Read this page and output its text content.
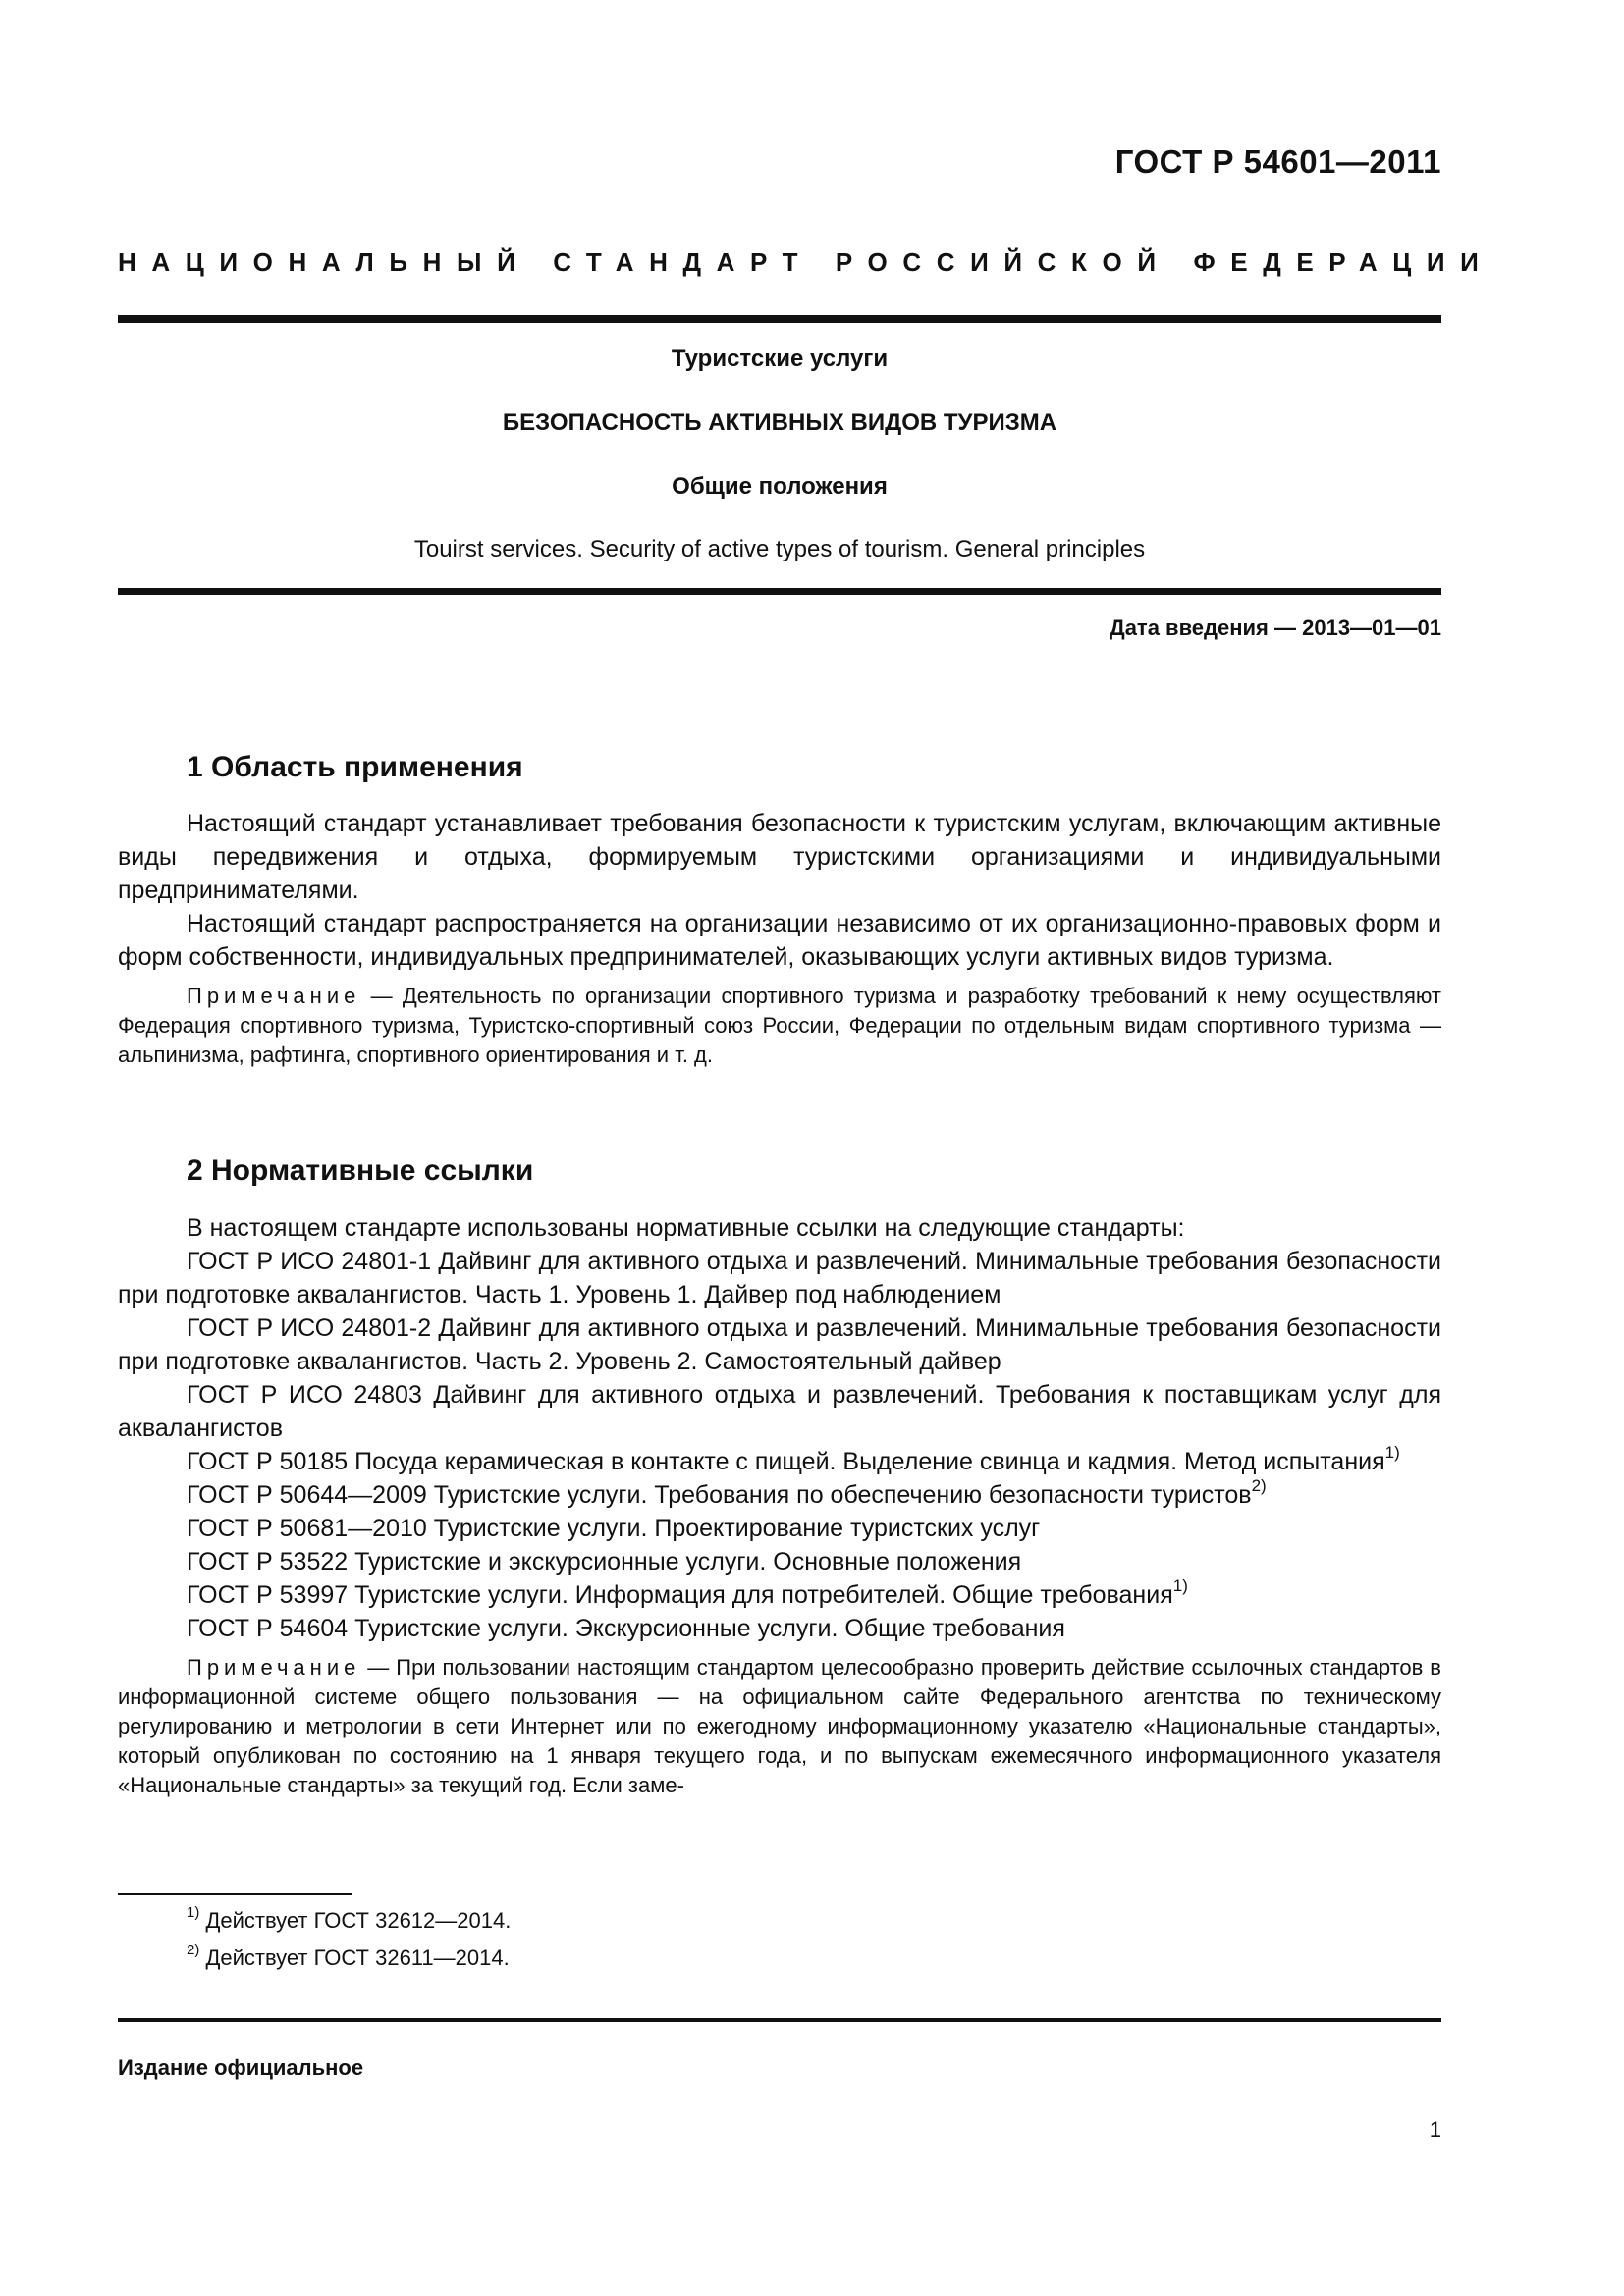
ГОСТ Р 54601—2011
НАЦИОНАЛЬНЫЙ СТАНДАРТ РОССИЙСКОЙ ФЕДЕРАЦИИ
Туристские услуги
БЕЗОПАСНОСТЬ АКТИВНЫХ ВИДОВ ТУРИЗМА
Общие положения
Touirst services. Security of active types of tourism. General principles
Дата введения — 2013—01—01
1 Область применения

Настоящий стандарт устанавливает требования безопасности к туристским услугам, включающим активные виды передвижения и отдыха, формируемым туристскими организациями и индивидуальными предпринимателями.

Настоящий стандарт распространяется на организации независимо от их организационно-правовых форм и форм собственности, индивидуальных предпринимателей, оказывающих услуги активных видов туризма.

Примечание — Деятельность по организации спортивного туризма и разработку требований к нему осуществляют Федерация спортивного туризма, Туристско-спортивный союз России, Федерации по отдельным видам спортивного туризма — альпинизма, рафтинга, спортивного ориентирования и т. д.

2 Нормативные ссылки

В настоящем стандарте использованы нормативные ссылки на следующие стандарты:

ГОСТ Р ИСО 24801-1 Дайвинг для активного отдыха и развлечений. Минимальные требования безопасности при подготовке аквалангистов. Часть 1. Уровень 1. Дайвер под наблюдением

ГОСТ Р ИСО 24801-2 Дайвинг для активного отдыха и развлечений. Минимальные требования безопасности при подготовке аквалангистов. Часть 2. Уровень 2. Самостоятельный дайвер

ГОСТ Р ИСО 24803 Дайвинг для активного отдыха и развлечений. Требования к поставщикам услуг для аквалангистов

ГОСТ Р 50185 Посуда керамическая в контакте с пищей. Выделение свинца и кадмия. Метод испытания$^{1)}$

ГОСТ Р 50644—2009 Туристские услуги. Требования по обеспечению безопасности туристов$^{2)}$

ГОСТ Р 50681—2010 Туристские услуги. Проектирование туристских услуг

ГОСТ Р 53522 Туристские и экскурсионные услуги. Основные положения

ГОСТ Р 53997 Туристские услуги. Информация для потребителей. Общие требования$^{1)}$

ГОСТ Р 54604 Туристские услуги. Экскурсионные услуги. Общие требования

Примечание — При пользовании настоящим стандартом целесообразно проверить действие ссылочных стандартов в информационной системе общего пользования — на официальном сайте Федерального агентства по техническому регулированию и метрологии в сети Интернет или по ежегодному информационному указателю «Национальные стандарты», который опубликован по состоянию на 1 января текущего года, и по выпускам ежемесячного информационного указателя «Национальные стандарты» за текущий год. Если заме-

$^{1)}$ Действует ГОСТ 32612—2014.
$^{2)}$ Действует ГОСТ 32611—2014.
Издание официальное
1
